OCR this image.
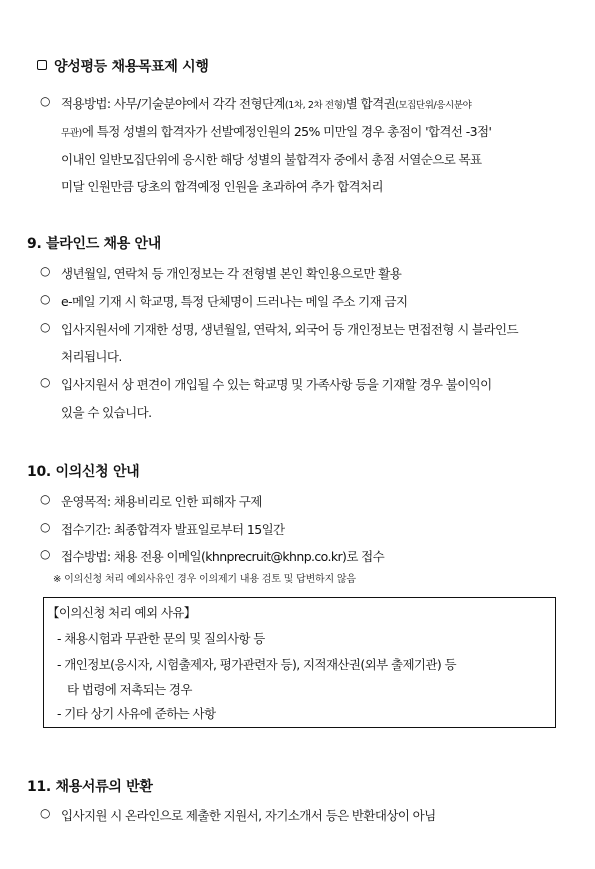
양성평등 채용목표제 시행
○ 적용방법: 사무/기술분야에서 각각 전형단계(1차, 2차 전형)별 합격권(모집단위/응시분야
무관)에 특정 성별의 합격자가 선발예정인원의 25% 미만일 경우 총점이 '합격선 -3점'
이내인 일반모집단위에 응시한 해당 성별의 불합격자 중에서 총점 서열순으로 목표
미달 인원만큼 당초의 합격예정 인원을 초과하여 추가 합격처리
9. 블라인드 채용 안내
○ 생년월일, 연락처 등 개인정보는 각 전형별 본인 확인용으로만 활용
○ e-메일 기재 시 학교명, 특정 단체명이 드러나는 메일 주소 기재 금지
○ 입사지원서에 기재한 성명, 생년월일, 연락처, 외국어 등 개인정보는 면접전형 시 블라인드
처리됩니다.
○ 입사지원서 상 편견이 개입될 수 있는 학교명 및 가족사항 등을 기재할 경우 불이익이
있을 수 있습니다.
10. 이의신청 안내
○ 운영목적: 채용비리로 인한 피해자 구제
○ 접수기간: 최종합격자 발표일로부터 15일간
○ 접수방법: 채용 전용 이메일(khnprecruit@khnp.co.kr)로 접수
※ 이의신청 처리 예외사유인 경우 이의제기 내용 검토 및 답변하지 않음
【이의신청 처리 예외 사유】
- 채용시험과 무관한 문의 및 질의사항 등
- 개인정보(응시자, 시험출제자, 평가관련자 등), 지적재산권(외부 출제기관) 등
타 법령에 저촉되는 경우
- 기타 상기 사유에 준하는 사항
11. 채용서류의 반환
○ 입사지원 시 온라인으로 제출한 지원서, 자기소개서 등은 반환대상이 아님
